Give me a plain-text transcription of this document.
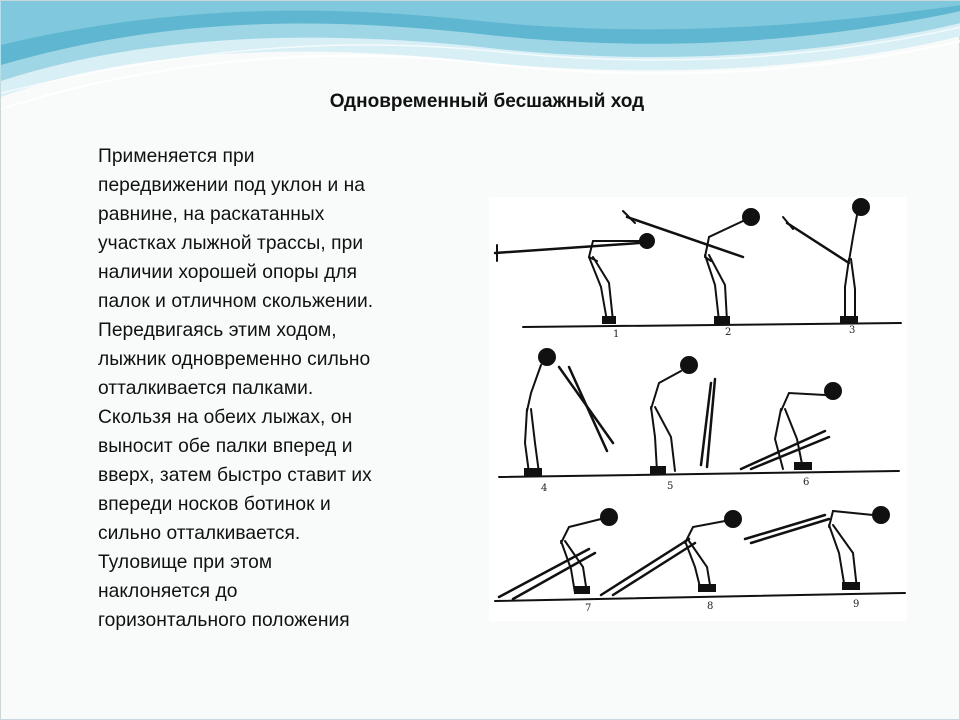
Одновременный бесшажный ход
Применяется при
передвижении под уклон и на
равнине, на раскатанных
участках лыжной трассы, при
наличии хорошей опоры для
палок и отличном скольжении.
Передвигаясь этим ходом,
лыжник одновременно сильно
отталкивается палками.
Скользя на обеих лыжах, он
выносит обе палки вперед и
вверх, затем быстро ставит их
впереди носков ботинок и
сильно отталкивается.
Туловище при этом
наклоняется до
горизонтального положения
1	2	3
4	5	6
7	8	9
